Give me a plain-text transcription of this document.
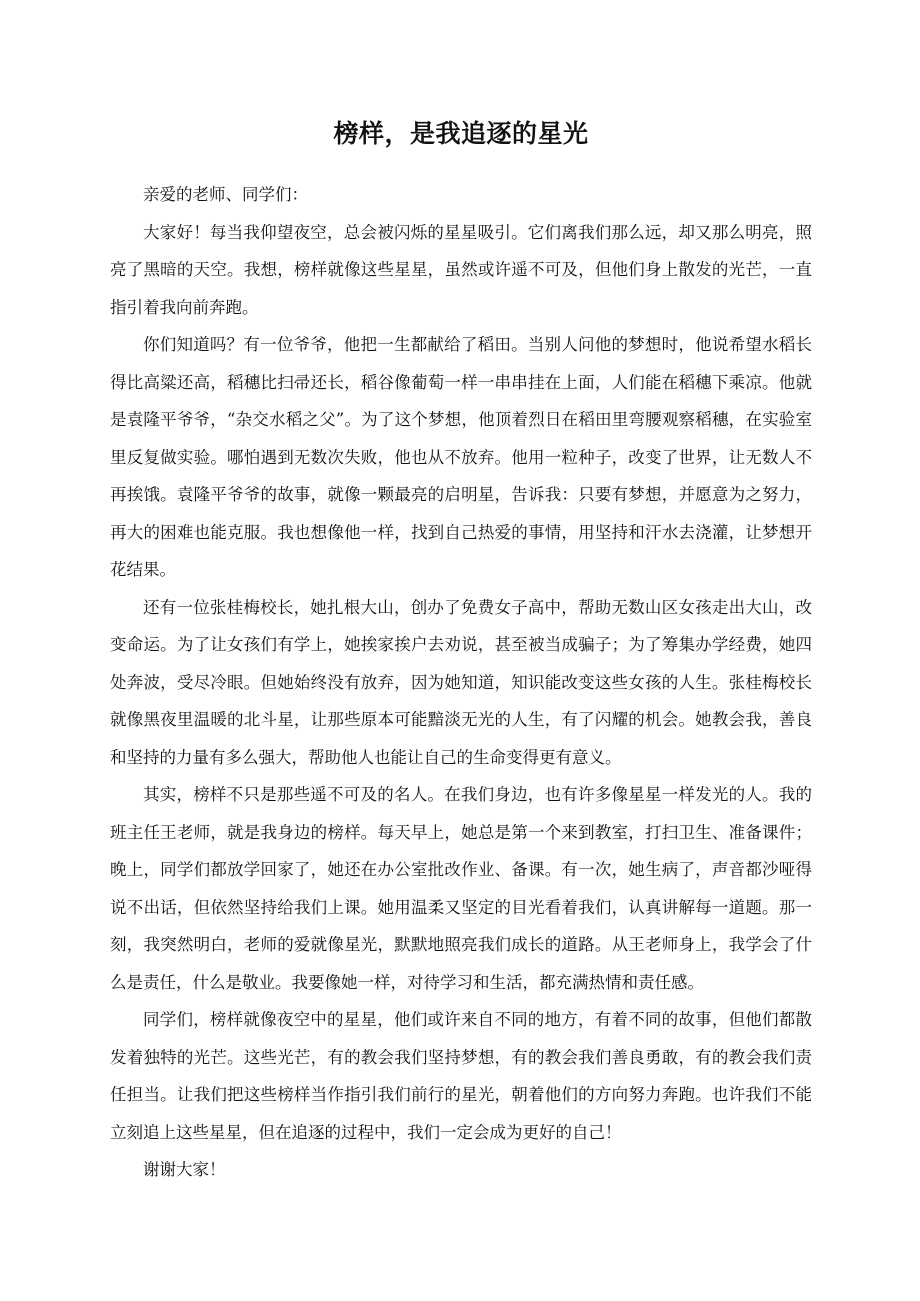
榜样，是我追逐的星光

亲爱的老师、同学们：

大家好！每当我仰望夜空，总会被闪烁的星星吸引。它们离我们那么远，却又那么明亮，照亮了黑暗的天空。我想，榜样就像这些星星，虽然或许遥不可及，但他们身上散发的光芒，一直指引着我向前奔跑。

你们知道吗？有一位爷爷，他把一生都献给了稻田。当别人问他的梦想时，他说希望水稻长得比高粱还高，稻穗比扫帚还长，稻谷像葡萄一样一串串挂在上面，人们能在稻穗下乘凉。他就是袁隆平爷爷，“杂交水稻之父”。为了这个梦想，他顶着烈日在稻田里弯腰观察稻穗，在实验室里反复做实验。哪怕遇到无数次失败，他也从不放弃。他用一粒种子，改变了世界，让无数人不再挨饿。袁隆平爷爷的故事，就像一颗最亮的启明星，告诉我：只要有梦想，并愿意为之努力，再大的困难也能克服。我也想像他一样，找到自己热爱的事情，用坚持和汗水去浇灌，让梦想开花结果。

还有一位张桂梅校长，她扎根大山，创办了免费女子高中，帮助无数山区女孩走出大山，改变命运。为了让女孩们有学上，她挨家挨户去劝说，甚至被当成骗子；为了筹集办学经费，她四处奔波，受尽冷眼。但她始终没有放弃，因为她知道，知识能改变这些女孩的人生。张桂梅校长就像黑夜里温暖的北斗星，让那些原本可能黯淡无光的人生，有了闪耀的机会。她教会我，善良和坚持的力量有多么强大，帮助他人也能让自己的生命变得更有意义。

其实，榜样不只是那些遥不可及的名人。在我们身边，也有许多像星星一样发光的人。我的班主任王老师，就是我身边的榜样。每天早上，她总是第一个来到教室，打扫卫生、准备课件；晚上，同学们都放学回家了，她还在办公室批改作业、备课。有一次，她生病了，声音都沙哑得说不出话，但依然坚持给我们上课。她用温柔又坚定的目光看着我们，认真讲解每一道题。那一刻，我突然明白，老师的爱就像星光，默默地照亮我们成长的道路。从王老师身上，我学会了什么是责任，什么是敬业。我要像她一样，对待学习和生活，都充满热情和责任感。

同学们，榜样就像夜空中的星星，他们或许来自不同的地方，有着不同的故事，但他们都散发着独特的光芒。这些光芒，有的教会我们坚持梦想，有的教会我们善良勇敢，有的教会我们责任担当。让我们把这些榜样当作指引我们前行的星光，朝着他们的方向努力奔跑。也许我们不能立刻追上这些星星，但在追逐的过程中，我们一定会成为更好的自己！

谢谢大家！
